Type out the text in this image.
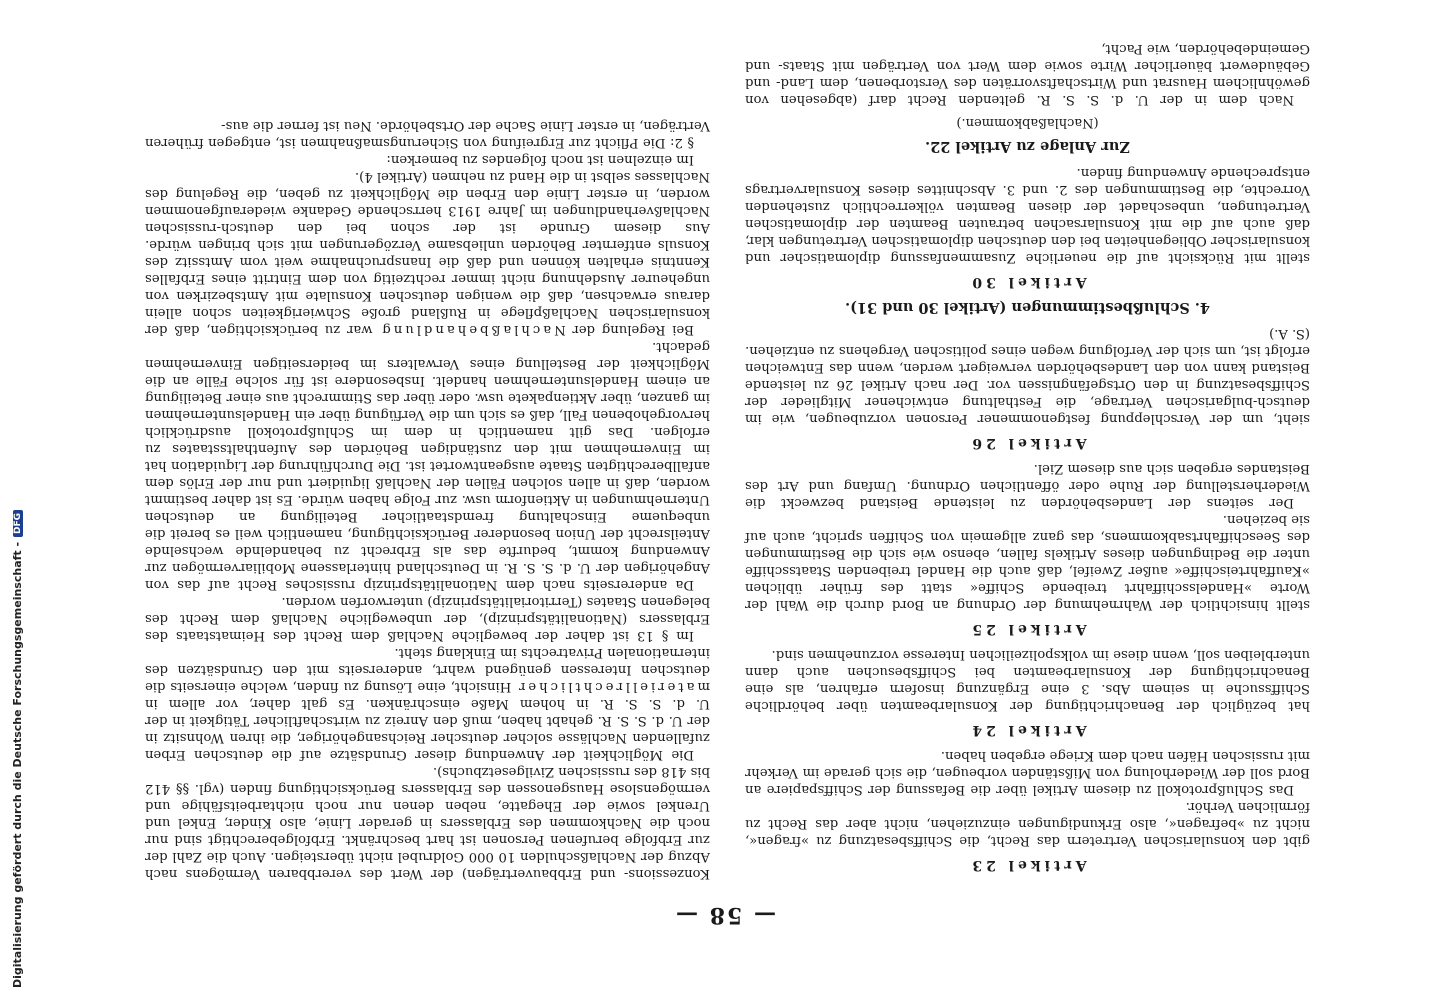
— 58 —
Artikel 23

gibt den konsularischen Vertretern das Recht, die Schiffsbesatzung zu »fragen«, nicht zu »befragen«, also Erkundigungen einzuziehen, nicht aber das Recht zu förmlichen Verhör.

Das Schlußprotokoll zu diesem Artikel über die Befassung der Schiffspapiere an Bord soll der Wiederholung von Mißständen vorbeugen, die sich gerade im Verkehr mit russischen Häfen nach dem Kriege ergeben haben.

Artikel 24

hat bezüglich der Benachrichtigung der Konsularbeamten über behördliche Schiffssuche in seinem Abs. 3 eine Ergänzung insofern erfahren, als eine Benachrichtigung der Konsularbeamten bei Schiffsbesuchen auch dann unterbleiben soll, wenn diese im volkspolizeilichen Interesse vorzunehmen sind.

Artikel 25

stellt hinsichtlich der Wahrnehmung der Ordnung an Bord durch die Wahl der Worte »Handelsschiffahrt treibende Schiffe« statt des früher üblichen »Kauffahrteischiffe« außer Zweifel, daß auch die Handel treibenden Staatsschiffe unter die Bedingungen dieses Artikels fallen, ebenso wie sich die Bestimmungen des Seeschiffahrtsabkommens, das ganz allgemein von Schiffen spricht, auch auf sie beziehen.

Der seitens der Landesbehörden zu leistende Beistand bezweckt die Wiederherstellung der Ruhe oder öffentlichen Ordnung. Umfang und Art des Beistandes ergeben sich aus diesem Ziel.

Artikel 26

sieht, um der Verschleppung festgenommener Personen vorzubeugen, wie im deutsch-bulgarischen Vertrage, die Festhaltung entwichener Mitglieder der Schiffsbesatzung in den Ortsgefängnissen vor. Der nach Artikel 26 zu leistende Beistand kann von den Landesbehörden verweigert werden, wenn das Entweichen erfolgt ist, um sich der Verfolgung wegen eines politischen Vergehens zu entziehen. (S. A.)

4. Schlußbestimmungen (Artikel 30 und 31).
Artikel 30

stellt mit Rücksicht auf die neuerliche Zusammenfassung diplomatischer und konsularischer Obliegenheiten bei den deutschen diplomatischen Vertretungen klar, daß auch auf die mit Konsularsachen betrauten Beamten der diplomatischen Vertretungen, unbeschadet der diesen Beamten völkerrechtlich zustehenden Vorrechte, die Bestimmungen des 2. und 3. Abschnittes dieses Konsularvertrags entsprechende Anwendung finden.

Zur Anlage zu Artikel 22.
(Nachlaßabkommen.)

Nach dem in der U. d. S. S. R. geltenden Recht darf (abgesehen von gewöhnlichem Hausrat und Wirtschaftsvorräten des Verstorbenen, dem Land- und Gebäudewert bäuerlicher Wirte sowie dem Wert von Verträgen mit Staats- und Gemeindebehörden, wie Pacht,

Konzessions- und Erbbauverträgen) der Wert des vererbbaren Vermögens nach Abzug der Nachlaßschulden 10 000 Goldrubel nicht übersteigen. Auch die Zahl der zur Erbfolge berufenen Personen ist hart beschränkt. Erbfolgeberechtigt sind nur noch die Nachkommen des Erblassers in gerader Linie, also Kinder, Enkel und Urenkel sowie der Ehegatte, neben denen nur noch nichtarbeitsfähige und vermögenslose Hausgenossen des Erblassers Berücksichtigung finden (vgl. §§ 412 bis 418 des russischen Zivilgesetzbuchs).

Die Möglichkeit der Anwendung dieser Grundsätze auf die deutschen Erben zufallenden Nachlässe solcher deutscher Reichsangehöriger, die ihren Wohnsitz in der U. d. S. S. R. gehabt haben, muß den Anreiz zu wirtschaftlicher Tätigkeit in der U. d. S. S. R. in hohem Maße einschränken. Es galt daher, vor allem in materiellrechtlicher Hinsicht, eine Lösung zu finden, welche einerseits die deutschen Interessen genügend wahrt, andererseits mit den Grundsätzen des internationalen Privatrechts im Einklang steht.

Im § 13 ist daher der bewegliche Nachlaß dem Recht des Heimatstaats des Erblassers (Nationalitätsprinzip), der unbewegliche Nachlaß dem Recht des belegenen Staates (Territorialitätsprinzip) unterworfen worden.

Da andererseits nach dem Nationalitätsprinzip russisches Recht auf das von Angehörigen der U. d. S. S. R. in Deutschland hinterlassene Mobiliarvermögen zur Anwendung kommt, bedurfte das als Erbrecht zu behandelnde wechselnde Anteilsrecht der Union besonderer Berücksichtigung, namentlich weil es bereit die unbequeme Einschaltung fremdstaatlicher Beteiligung an deutschen Unternehmungen in Aktienform usw. zur Folge haben würde. Es ist daher bestimmt worden, daß in allen solchen Fällen der Nachlaß liquidiert und nur der Erlös dem anfallberechtigten Staate ausgeantwortet ist. Die Durchführung der Liquidation hat im Einvernehmen mit den zuständigen Behörden des Aufenthaltsstaates zu erfolgen. Das gilt namentlich in dem im Schlußprotokoll ausdrücklich hervorgehobenen Fall, daß es sich um die Verfügung über ein Handelsunternehmen im ganzen, über Aktienpakete usw. oder über das Stimmrecht aus einer Beteiligung an einem Handelsunternehmen handelt. Insbesondere ist für solche Fälle an die Möglichkeit der Bestellung eines Verwalters im beiderseitigen Einvernehmen gedacht.

Bei Regelung der Nachlaßbehandlung war zu berücksichtigen, daß der konsularischen Nachlaßpflege in Rußland große Schwierigkeiten schon allein daraus erwachsen, daß die wenigen deutschen Konsulate mit Amtsbezirken von ungeheurer Ausdehnung nicht immer rechtzeitig von dem Eintritt eines Erbfalles Kenntnis erhalten können und daß die Inanspruchnahme weit vom Amtssitz des Konsuls entfernter Behörden unliebsame Verzögerungen mit sich bringen würde. Aus diesem Grunde ist der schon bei den deutsch-russischen Nachlaßverhandlungen im Jahre 1913 herrschende Gedanke wiederaufgenommen worden, in erster Linie den Erben die Möglichkeit zu geben, die Regelung des Nachlasses selbst in die Hand zu nehmen (Artikel 4).

Im einzelnen ist noch folgendes zu bemerken:

§ 2: Die Pflicht zur Ergreifung von Sicherungsmaßnahmen ist, entgegen früheren Verträgen, in erster Linie Sache der Ortsbehörde. Neu ist ferner die aus-

Digitalisierung gefördert durch die Deutsche Forschungsgemeinschaft -
DFG
